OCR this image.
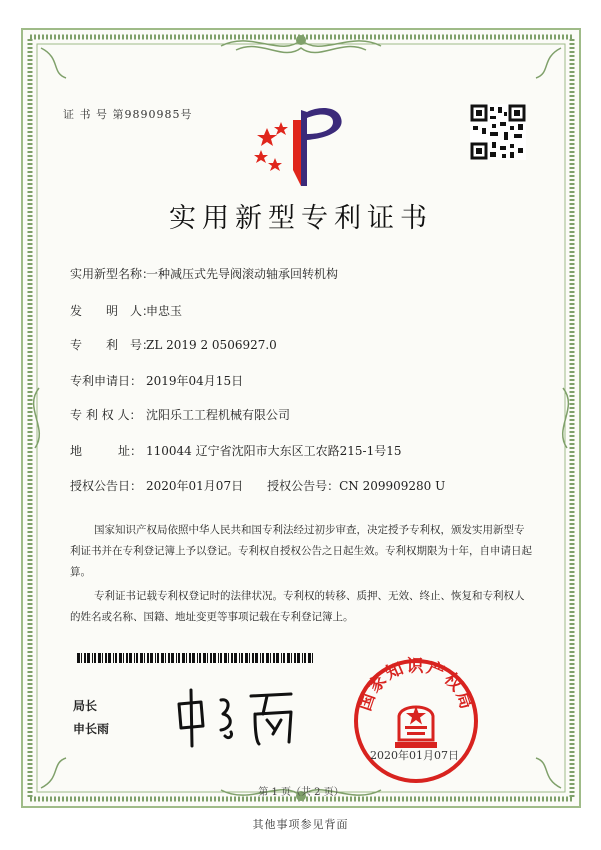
证 书 号 第9890985号
实用新型专利证书
实用新型名称：一种减压式先导阀滚动轴承回转机构
发　　明　人：申忠玉
专　　利　号：ZL 2019 2 0506927.0
专利申请日： 2019年04月15日
专 利 权 人： 沈阳乐工工程机械有限公司
地　　　址： 110044 辽宁省沈阳市大东区工农路215-1号15
授权公告日： 2020年01月07日　　授权公告号：CN 209909280 U
国家知识产权局依照中华人民共和国专利法经过初步审查，决定授予专利权，颁发实用新型专利证书并在专利登记簿上予以登记。专利权自授权公告之日起生效。专利权期限为十年，自申请日起算。
专利证书记载专利权登记时的法律状况。专利权的转移、质押、无效、终止、恢复和专利权人的姓名或名称、国籍、地址变更等事项记载在专利登记簿上。
局长
申长雨
国家知识产权局
2020年01月07日
第 1 页（共 2 页）
其他事项参见背面
